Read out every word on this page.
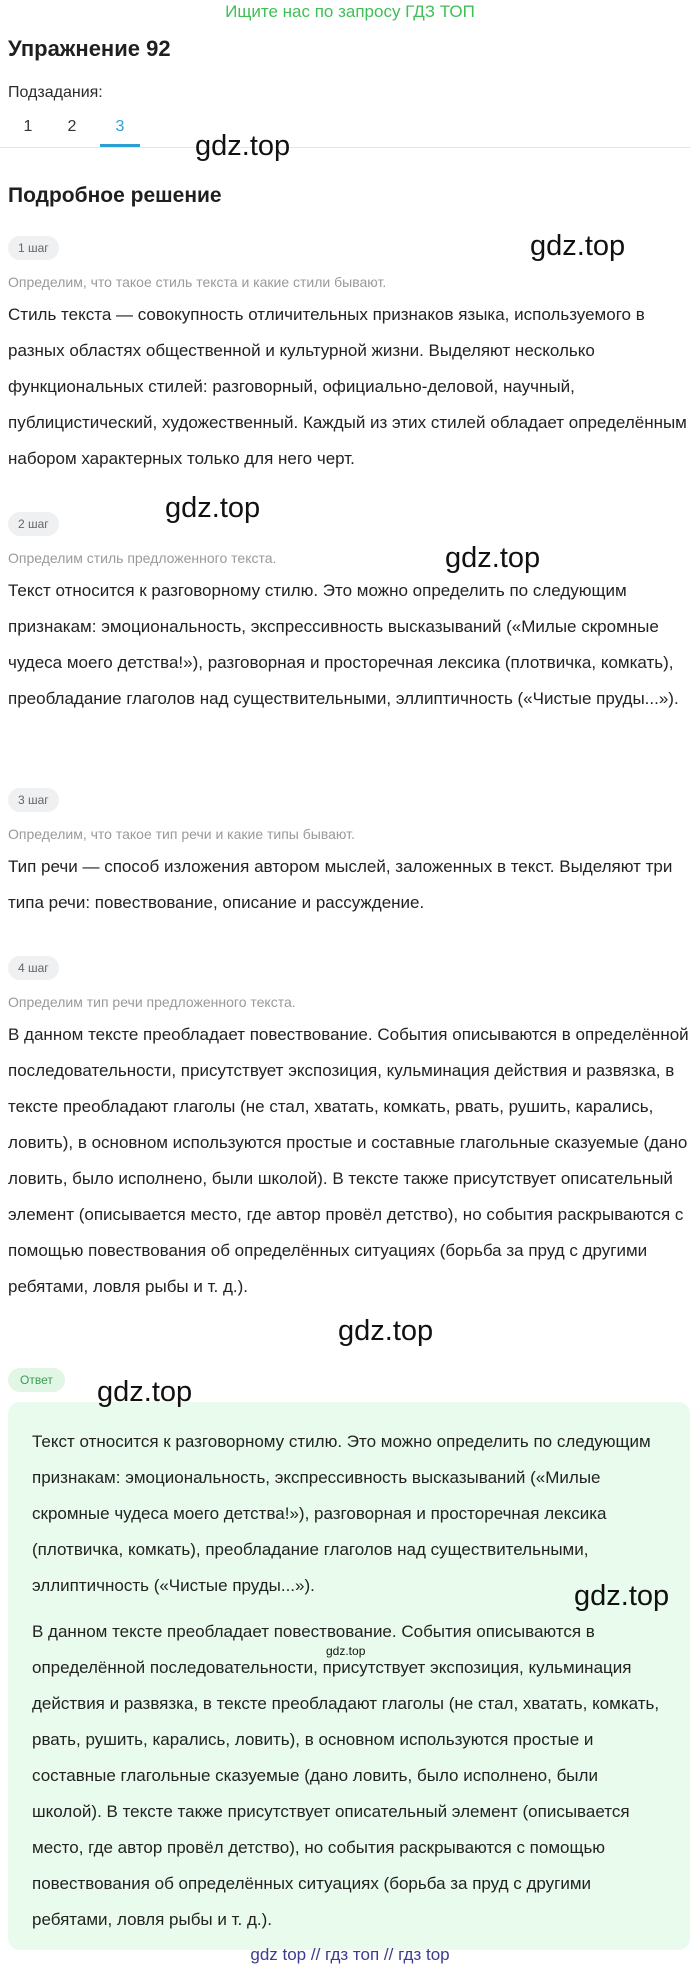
Ищите нас по запросу ГДЗ ТОП
Упражнение 92
Подзадания:
1	2	3
Подробное решение
1 шаг
Определим, что такое стиль текста и какие стили бывают.

Стиль текста — совокупность отличительных признаков языка, используемого в разных областях общественной и культурной жизни. Выделяют несколько функциональных стилей: разговорный, официально-деловой, научный, публицистический, художественный. Каждый из этих стилей обладает определённым набором характерных только для него черт.

2 шаг
Определим стиль предложенного текста.

Текст относится к разговорному стилю. Это можно определить по следующим признакам: эмоциональность, экспрессивность высказываний («Милые скромные чудеса моего детства!»), разговорная и просторечная лексика (плотвичка, комкать), преобладание глаголов над существительными, эллиптичность («Чистые пруды...»).

3 шаг
Определим, что такое тип речи и какие типы бывают.

Тип речи — способ изложения автором мыслей, заложенных в текст. Выделяют три типа речи: повествование, описание и рассуждение.

4 шаг
Определим тип речи предложенного текста.

В данном тексте преобладает повествование. События описываются в определённой последовательности, присутствует экспозиция, кульминация действия и развязка, в тексте преобладают глаголы (не стал, хватать, комкать, рвать, рушить, карались, ловить), в основном используются простые и составные глагольные сказуемые (дано ловить, было исполнено, были школой). В тексте также присутствует описательный элемент (описывается место, где автор провёл детство), но события раскрываются с помощью повествования об определённых ситуациях (борьба за пруд с другими ребятами, ловля рыбы и т. д.).

Ответ

Текст относится к разговорному стилю. Это можно определить по следующим признакам: эмоциональность, экспрессивность высказываний («Милые скромные чудеса моего детства!»), разговорная и просторечная лексика (плотвичка, комкать), преобладание глаголов над существительными, эллиптичность («Чистые пруды...»).

В данном тексте преобладает повествование. События описываются в определённой последовательности, присутствует экспозиция, кульминация действия и развязка, в тексте преобладают глаголы (не стал, хватать, комкать, рвать, рушить, карались, ловить), в основном используются простые и составные глагольные сказуемые (дано ловить, было исполнено, были школой). В тексте также присутствует описательный элемент (описывается место, где автор провёл детство), но события раскрываются с помощью повествования об определённых ситуациях (борьба за пруд с другими ребятами, ловля рыбы и т. д.).

gdz top // гдз топ // гдз top
gdz.top
gdz.top
gdz.top
gdz.top
gdz.top
gdz.top
gdz.top
gdz.top
